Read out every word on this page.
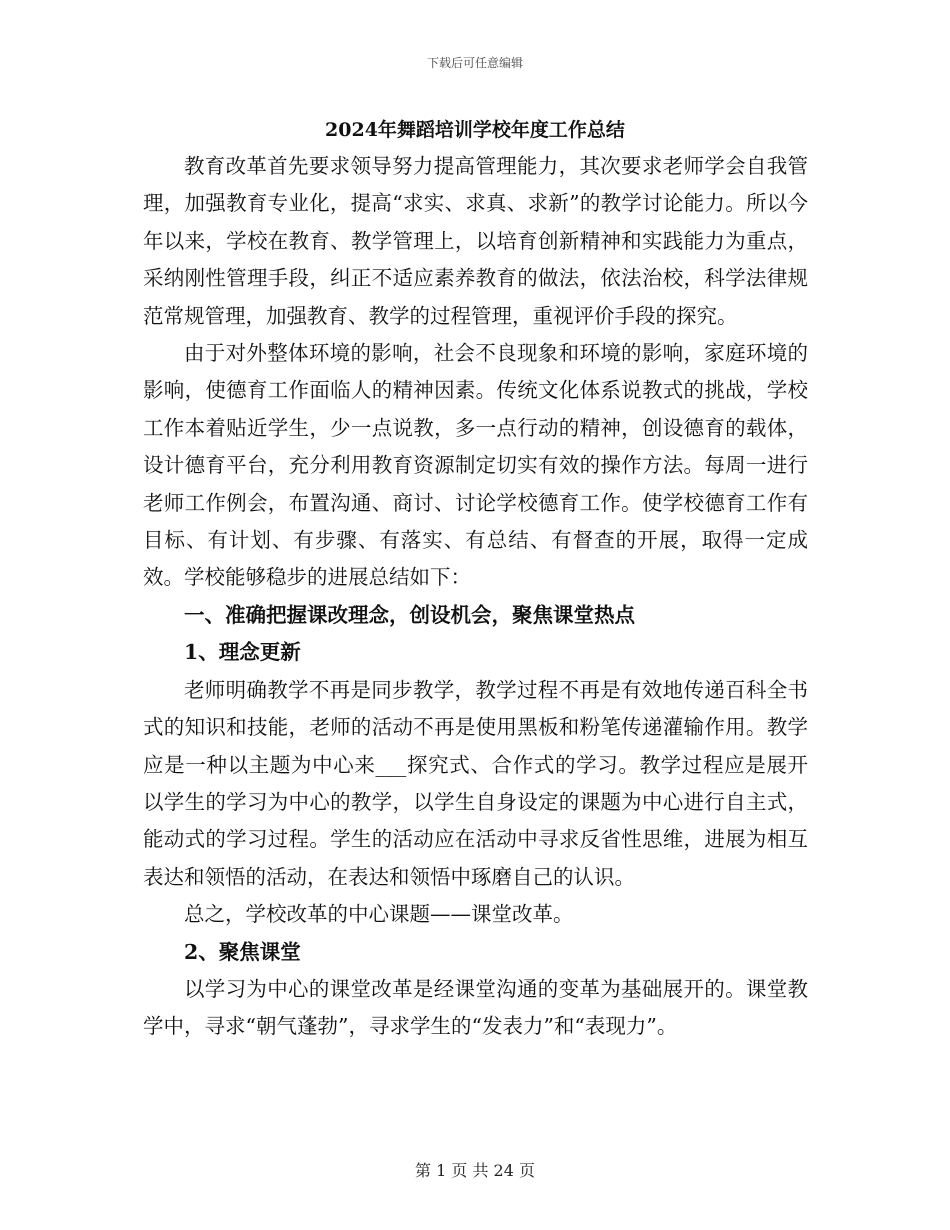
下载后可任意编辑
2024年舞蹈培训学校年度工作总结

教育改革首先要求领导努力提高管理能力，其次要求老师学会自我管理，加强教育专业化，提高“求实、求真、求新”的教学讨论能力。所以今年以来，学校在教育、教学管理上，以培育创新精神和实践能力为重点，采纳刚性管理手段，纠正不适应素养教育的做法，依法治校，科学法律规范常规管理，加强教育、教学的过程管理，重视评价手段的探究。

由于对外整体环境的影响，社会不良现象和环境的影响，家庭环境的影响，使德育工作面临人的精神因素。传统文化体系说教式的挑战，学校工作本着贴近学生，少一点说教，多一点行动的精神，创设德育的载体，设计德育平台，充分利用教育资源制定切实有效的操作方法。每周一进行老师工作例会，布置沟通、商讨、讨论学校德育工作。使学校德育工作有目标、有计划、有步骤、有落实、有总结、有督查的开展，取得一定成效。学校能够稳步的进展总结如下：

一、准确把握课改理念，创设机会，聚焦课堂热点
1、理念更新

老师明确教学不再是同步教学，教学过程不再是有效地传递百科全书式的知识和技能，老师的活动不再是使用黑板和粉笔传递灌输作用。教学应是一种以主题为中心来___探究式、合作式的学习。教学过程应是展开以学生的学习为中心的教学，以学生自身设定的课题为中心进行自主式，能动式的学习过程。学生的活动应在活动中寻求反省性思维，进展为相互表达和领悟的活动，在表达和领悟中琢磨自己的认识。

总之，学校改革的中心课题——课堂改革。

2、聚焦课堂

以学习为中心的课堂改革是经课堂沟通的变革为基础展开的。课堂教学中，寻求“朝气蓬勃”，寻求学生的“发表力”和“表现力”。

第 1 页 共 24 页
